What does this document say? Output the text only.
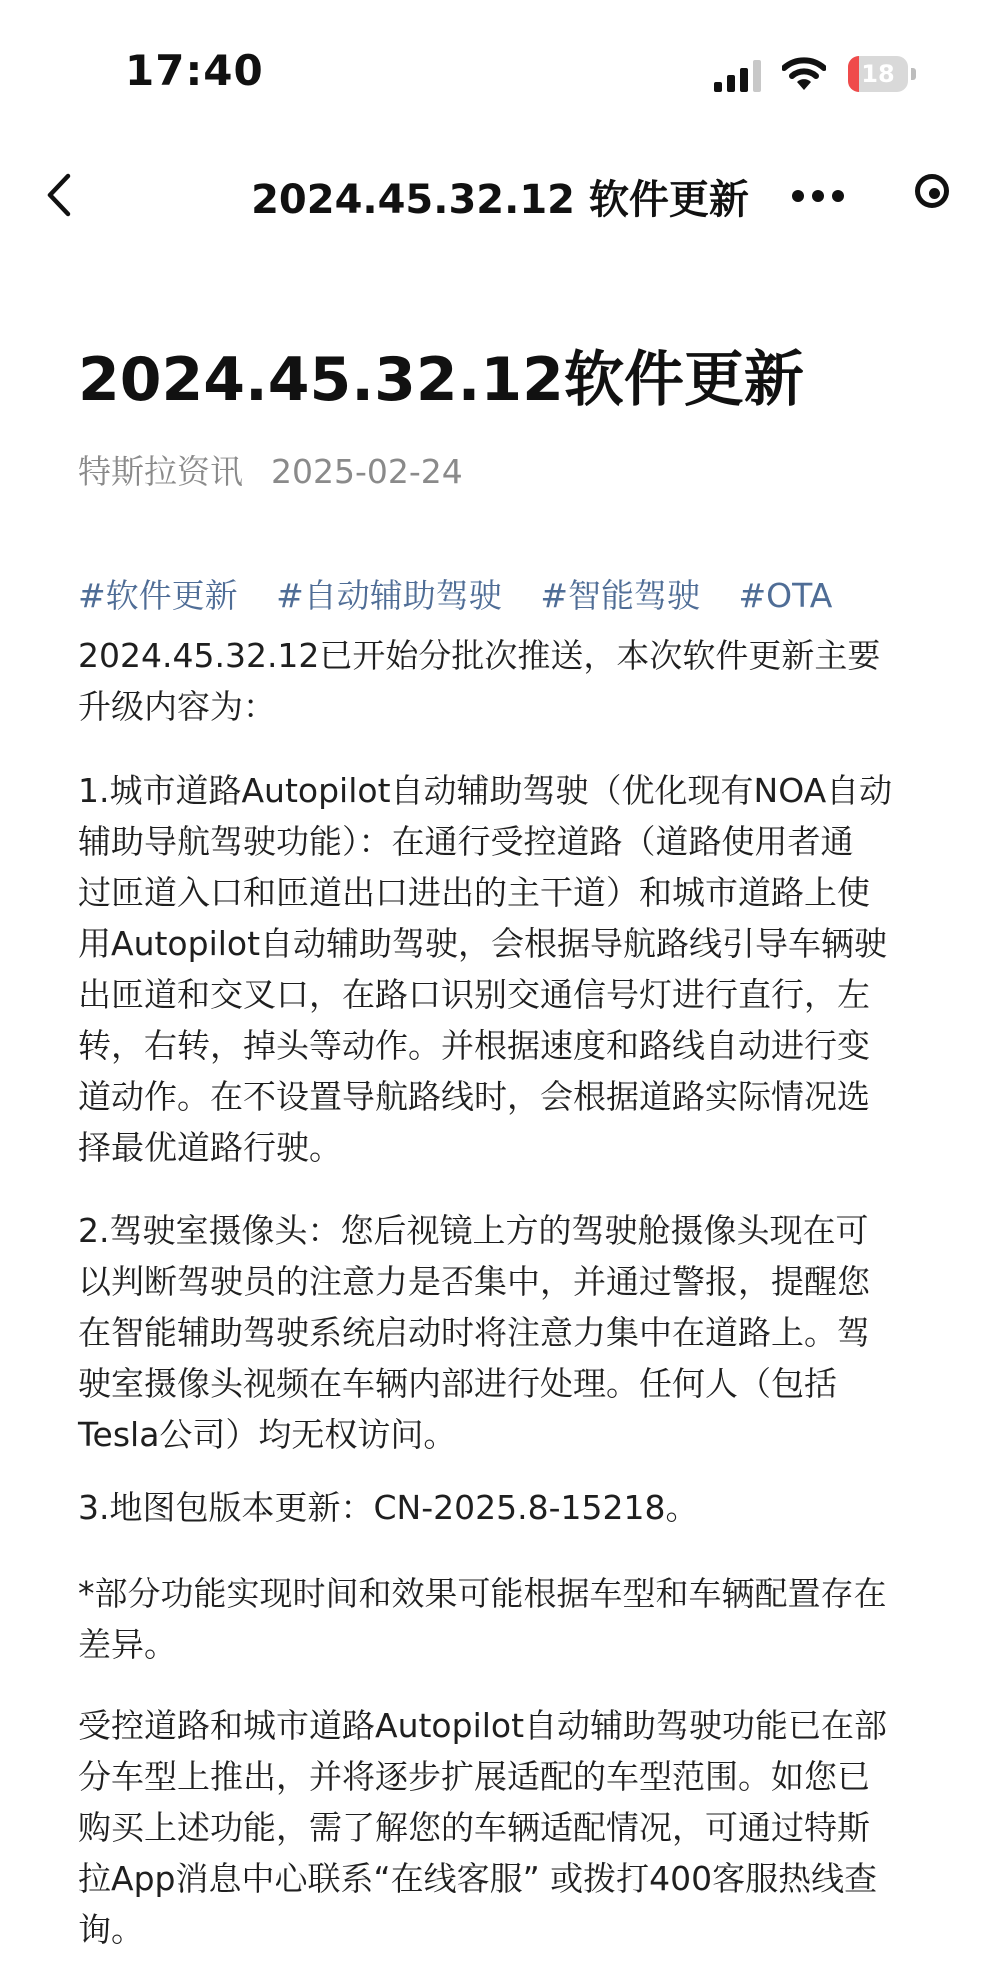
17:40	18
2024.45.32.12 软件更新
2024.45.32.12软件更新
特斯拉资讯 2025-02-24
#软件更新 #自动辅助驾驶 #智能驾驶 #OTA
2024.45.32.12已开始分批次推送，本次软件更新主要
升级内容为：
1.城市道路Autopilot自动辅助驾驶（优化现有NOA自动
辅助导航驾驶功能）：在通行受控道路（道路使用者通
过匝道入口和匝道出口进出的主干道）和城市道路上使
用Autopilot自动辅助驾驶，会根据导航路线引导车辆驶
出匝道和交叉口，在路口识别交通信号灯进行直行，左
转，右转，掉头等动作。并根据速度和路线自动进行变
道动作。在不设置导航路线时，会根据道路实际情况选
择最优道路行驶。
2.驾驶室摄像头：您后视镜上方的驾驶舱摄像头现在可
以判断驾驶员的注意力是否集中，并通过警报，提醒您
在智能辅助驾驶系统启动时将注意力集中在道路上。驾
驶室摄像头视频在车辆内部进行处理。任何人（包括
Tesla公司）均无权访问。
3.地图包版本更新：CN-2025.8-15218。
*部分功能实现时间和效果可能根据车型和车辆配置存在
差异。
受控道路和城市道路Autopilot自动辅助驾驶功能已在部
分车型上推出，并将逐步扩展适配的车型范围。如您已
购买上述功能，需了解您的车辆适配情况，可通过特斯
拉App消息中心联系“在线客服” 或拨打400客服热线查
询。
